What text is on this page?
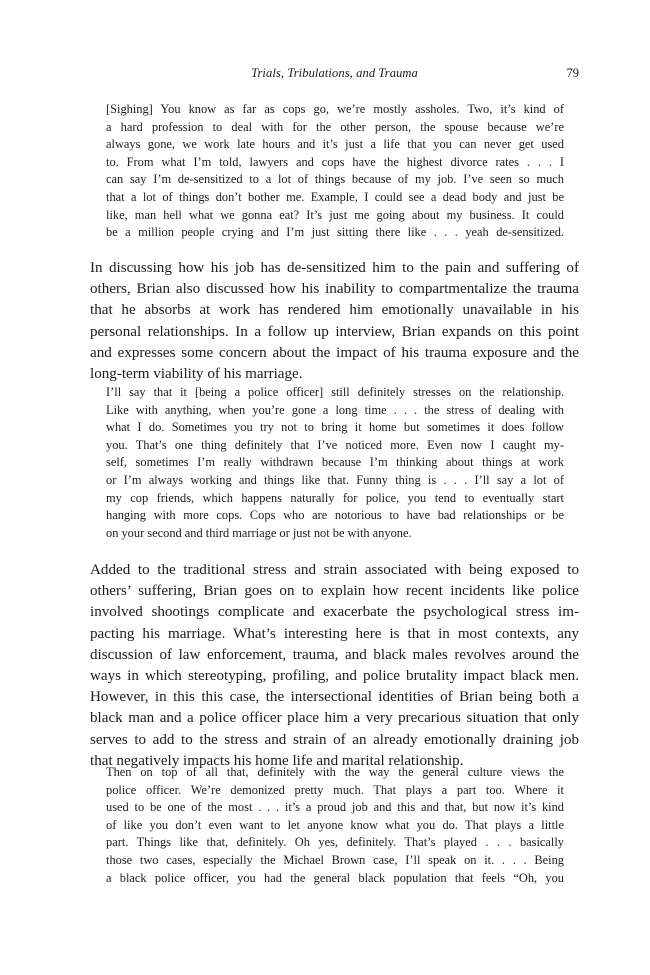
Trials, Tribulations, and Trauma	79
[Sighing] You know as far as cops go, we’re mostly assholes. Two, it’s kind of
a hard profession to deal with for the other person, the spouse because we’re
always gone, we work late hours and it’s just a life that you can never get used
to. From what I’m told, lawyers and cops have the highest divorce rates . . . I
can say I’m de-sensitized to a lot of things because of my job. I’ve seen so much
that a lot of things don’t bother me. Example, I could see a dead body and just be
like, man hell what we gonna eat? It’s just me going about my business. It could
be a million people crying and I’m just sitting there like . . . yeah de-sensitized.
In discussing how his job has de-sensitized him to the pain and suffering of
others, Brian also discussed how his inability to compartmentalize the trauma
that he absorbs at work has rendered him emotionally unavailable in his
personal relationships. In a follow up interview, Brian expands on this point
and expresses some concern about the impact of his trauma exposure and the
long-term viability of his marriage.
I’ll say that it [being a police officer] still definitely stresses on the relationship.
Like with anything, when you’re gone a long time . . . the stress of dealing with
what I do. Sometimes you try not to bring it home but sometimes it does follow
you. That’s one thing definitely that I’ve noticed more. Even now I caught my-
self, sometimes I’m really withdrawn because I’m thinking about things at work
or I’m always working and things like that. Funny thing is . . . I’ll say a lot of
my cop friends, which happens naturally for police, you tend to eventually start
hanging with more cops. Cops who are notorious to have bad relationships or be
on your second and third marriage or just not be with anyone.
Added to the traditional stress and strain associated with being exposed to
others’ suffering, Brian goes on to explain how recent incidents like police
involved shootings complicate and exacerbate the psychological stress im-
pacting his marriage. What’s interesting here is that in most contexts, any
discussion of law enforcement, trauma, and black males revolves around the
ways in which stereotyping, profiling, and police brutality impact black men.
However, in this this case, the intersectional identities of Brian being both a
black man and a police officer place him a very precarious situation that only
serves to add to the stress and strain of an already emotionally draining job
that negatively impacts his home life and marital relationship.
Then on top of all that, definitely with the way the general culture views the
police officer. We’re demonized pretty much. That plays a part too. Where it
used to be one of the most . . . it’s a proud job and this and that, but now it’s kind
of like you don’t even want to let anyone know what you do. That plays a little
part. Things like that, definitely. Oh yes, definitely. That’s played . . . basically
those two cases, especially the Michael Brown case, I’ll speak on it. . . . Being
a black police officer, you had the general black population that feels “Oh, you
